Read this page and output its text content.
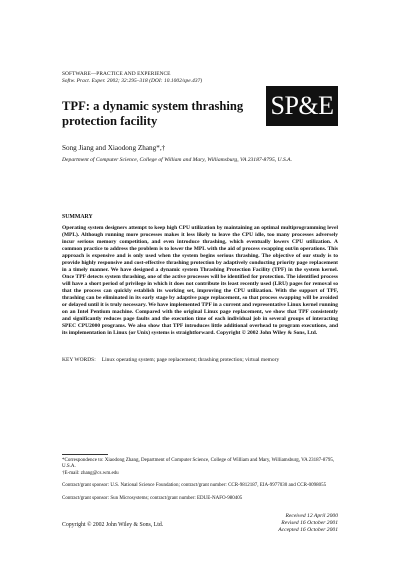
SOFTWARE—PRACTICE AND EXPERIENCE
Softw. Pract. Exper. 2002; 32:295–318 (DOI: 10.1002/spe.437)
TPF: a dynamic system thrashing protection facility
SP&E
Song Jiang and Xiaodong Zhang*,†
Department of Computer Science, College of William and Mary, Williamsburg, VA 23187-8795, U.S.A.
SUMMARY
Operating system designers attempt to keep high CPU utilization by maintaining an optimal multiprogramming level (MPL). Although running more processes makes it less likely to leave the CPU idle, too many processes adversely incur serious memory competition, and even introduce thrashing, which eventually lowers CPU utilization. A common practice to address the problem is to lower the MPL with the aid of process swapping out/in operations. This approach is expensive and is only used when the system begins serious thrashing. The objective of our study is to provide highly responsive and cost-effective thrashing protection by adaptively conducting priority page replacement in a timely manner. We have designed a dynamic system Thrashing Protection Facility (TPF) in the system kernel. Once TPF detects system thrashing, one of the active processes will be identified for protection. The identified process will have a short period of privilege in which it does not contribute its least recently used (LRU) pages for removal so that the process can quickly establish its working set, improving the CPU utilization. With the support of TPF, thrashing can be eliminated in its early stage by adaptive page replacement, so that process swapping will be avoided or delayed until it is truly necessary. We have implemented TPF in a current and representative Linux kernel running on an Intel Pentium machine. Compared with the original Linux page replacement, we show that TPF consistently and significantly reduces page faults and the execution time of each individual job in several groups of interacting SPEC CPU2000 programs. We also show that TPF introduces little additional overhead to program executions, and its implementation in Linux (or Unix) systems is straightforward. Copyright © 2002 John Wiley & Sons, Ltd.
KEY WORDS: Linux operating system; page replacement; thrashing protection; virtual memory
*Correspondence to: Xiaodong Zhang, Department of Computer Science, College of William and Mary, Williamsburg, VA 23187-8795, U.S.A.
†E-mail: zhang@cs.wm.edu
Contract/grant sponsor: U.S. National Science Foundation; contract/grant number: CCR-9812187, EIA-9977030 and CCR-0098055
Contract/grant sponsor: Sun Microsystems; contract/grant number: EDUE-NAFO-980405
Copyright © 2002 John Wiley & Sons, Ltd.
Received 12 April 2000
Revised 16 October 2001
Accepted 16 October 2001
